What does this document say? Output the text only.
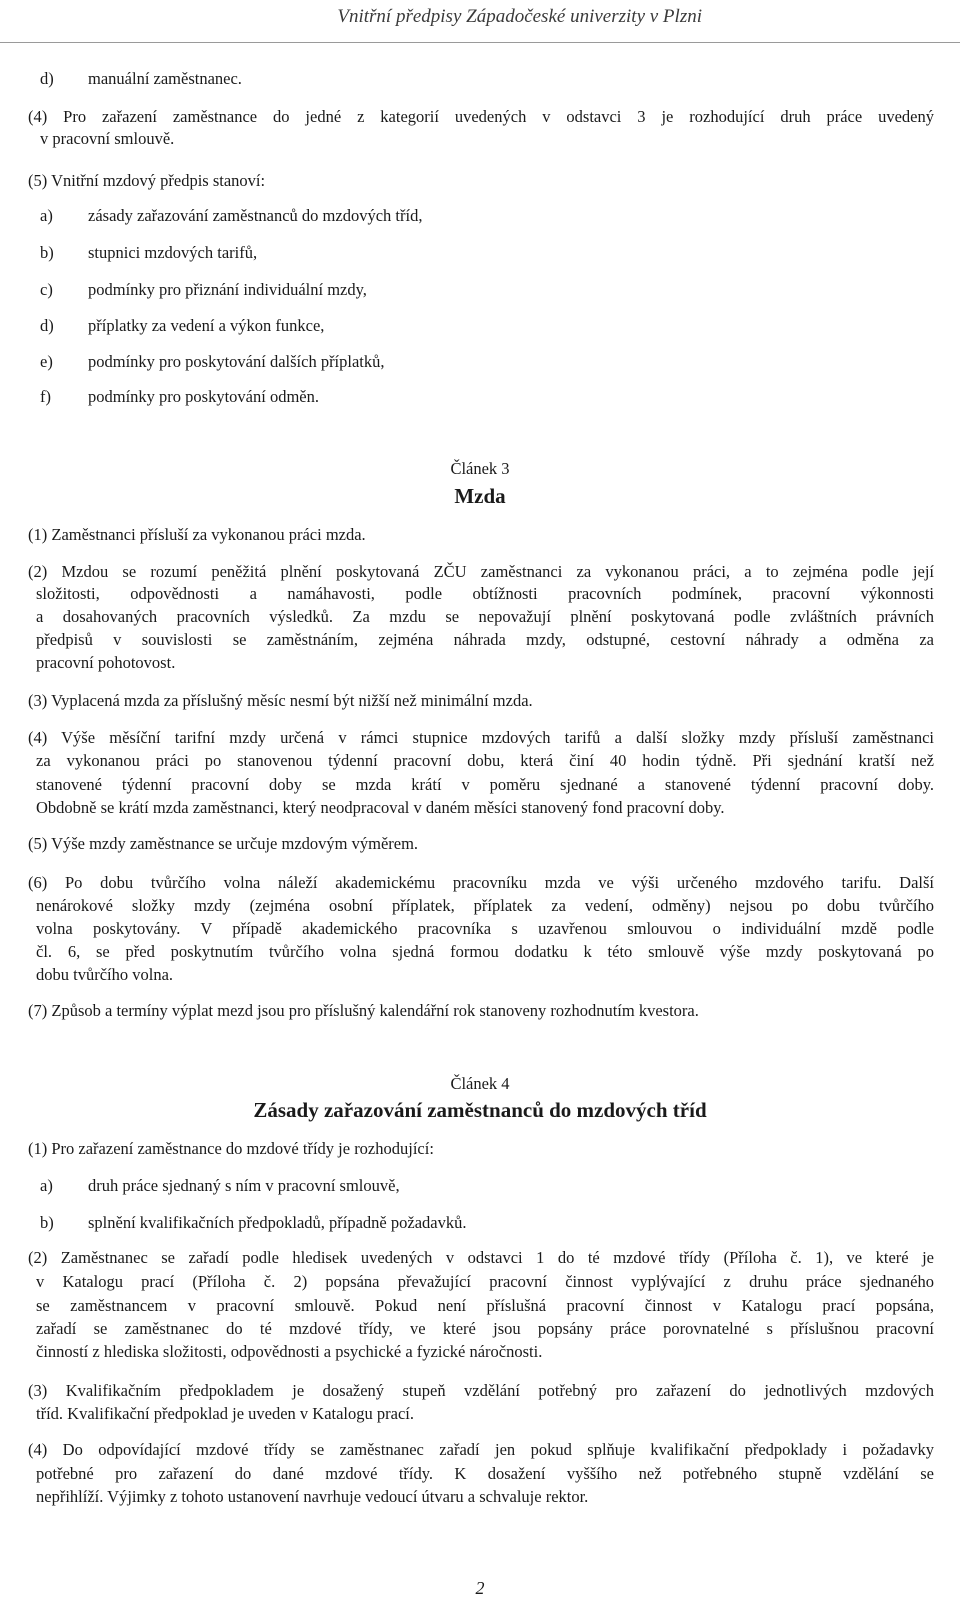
Vnitřní předpisy Západočeské univerzity v Plzni
d) manuální zaměstnanec.
(4) Pro zařazení zaměstnance do jedné z kategorií uvedených v odstavci 3 je rozhodující druh práce uvedený
v pracovní smlouvě.
(5) Vnitřní mzdový předpis stanoví:
a) zásady zařazování zaměstnanců do mzdových tříd,
b) stupnici mzdových tarifů,
c) podmínky pro přiznání individuální mzdy,
d) příplatky za vedení a výkon funkce,
e) podmínky pro poskytování dalších příplatků,
f) podmínky pro poskytování odměn.
Článek 3
Mzda
(1) Zaměstnanci přísluší za vykonanou práci mzda.
(2) Mzdou se rozumí peněžitá plnění poskytovaná ZČU zaměstnanci za vykonanou práci, a to zejména podle její
složitosti, odpovědnosti a namáhavosti, podle obtížnosti pracovních podmínek, pracovní výkonnosti
a dosahovaných pracovních výsledků. Za mzdu se nepovažují plnění poskytovaná podle zvláštních právních
předpisů v souvislosti se zaměstnáním, zejména náhrada mzdy, odstupné, cestovní náhrady a odměna za
pracovní pohotovost.
(3) Vyplacená mzda za příslušný měsíc nesmí být nižší než minimální mzda.
(4) Výše měsíční tarifní mzdy určená v rámci stupnice mzdových tarifů a další složky mzdy přísluší zaměstnanci
za vykonanou práci po stanovenou týdenní pracovní dobu, která činí 40 hodin týdně. Při sjednání kratší než
stanovené týdenní pracovní doby se mzda krátí v poměru sjednané a stanovené týdenní pracovní doby.
Obdobně se krátí mzda zaměstnanci, který neodpracoval v daném měsíci stanovený fond pracovní doby.
(5) Výše mzdy zaměstnance se určuje mzdovým výměrem.
(6) Po dobu tvůrčího volna náleží akademickému pracovníku mzda ve výši určeného mzdového tarifu. Další
nenárokové složky mzdy (zejména osobní příplatek, příplatek za vedení, odměny) nejsou po dobu tvůrčího
volna poskytovány. V případě akademického pracovníka s uzavřenou smlouvou o individuální mzdě podle
čl. 6, se před poskytnutím tvůrčího volna sjedná formou dodatku k této smlouvě výše mzdy poskytovaná po
dobu tvůrčího volna.
(7) Způsob a termíny výplat mezd jsou pro příslušný kalendářní rok stanoveny rozhodnutím kvestora.
Článek 4
Zásady zařazování zaměstnanců do mzdových tříd
(1) Pro zařazení zaměstnance do mzdové třídy je rozhodující:
a) druh práce sjednaný s ním v pracovní smlouvě,
b) splnění kvalifikačních předpokladů, případně požadavků.
(2) Zaměstnanec se zařadí podle hledisek uvedených v odstavci 1 do té mzdové třídy (Příloha č. 1), ve které je
v Katalogu prací (Příloha č. 2) popsána převažující pracovní činnost vyplývající z druhu práce sjednaného
se zaměstnancem v pracovní smlouvě. Pokud není příslušná pracovní činnost v Katalogu prací popsána,
zařadí se zaměstnanec do té mzdové třídy, ve které jsou popsány práce porovnatelné s příslušnou pracovní
činností z hlediska složitosti, odpovědnosti a psychické a fyzické náročnosti.
(3) Kvalifikačním předpokladem je dosažený stupeň vzdělání potřebný pro zařazení do jednotlivých mzdových
tříd. Kvalifikační předpoklad je uveden v Katalogu prací.
(4) Do odpovídající mzdové třídy se zaměstnanec zařadí jen pokud splňuje kvalifikační předpoklady i požadavky
potřebné pro zařazení do dané mzdové třídy. K dosažení vyššího než potřebného stupně vzdělání se
nepřihlíží. Výjimky z tohoto ustanovení navrhuje vedoucí útvaru a schvaluje rektor.
2
